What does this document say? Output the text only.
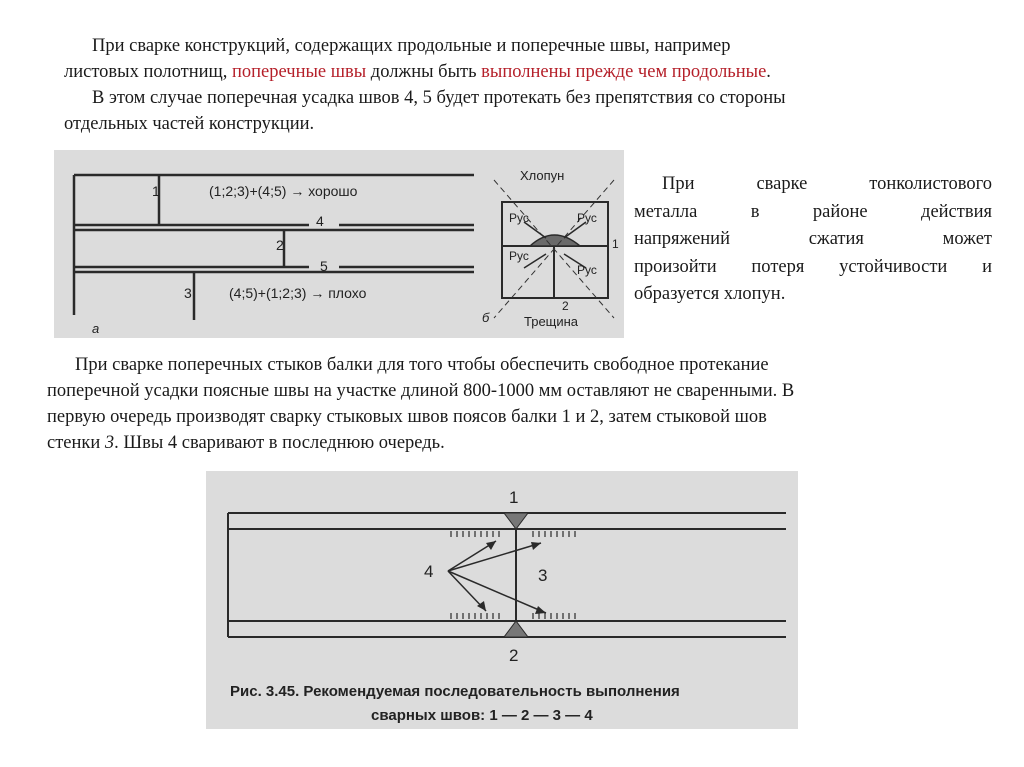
При сварке конструкций, содержащих продольные и поперечные швы, например
листовых полотнищ, поперечные швы должны быть выполнены прежде чем продольные.
В этом случае поперечная усадка швов 4, 5 будет протекать без препятствия со стороны
отдельных частей конструкции.
(1;2;3)+(4;5) → хорошо
1
4
2
5
3	(4;5)+(1;2;3) → плохо
а
Хлопун
Pус	Pус
Pус
Pус
1
2
Трещина
б
При	сварке	тонколистового
металла	в	районе	действия
напряжений	сжатия	может
произойти потеря устойчивости и
образуется хлопун.
При сварке поперечных стыков балки для того чтобы обеспечить свободное протекание
поперечной усадки поясные швы на участке длиной 800-1000 мм оставляют не сваренными. В
первую очередь производят сварку стыковых швов поясов балки 1 и 2, затем стыковой шов
стенки 3. Швы 4 сваривают в последнюю очередь.
1
2
3
4
Рис. 3.45. Рекомендуемая последовательность выполнения
сварных швов: 1 — 2 — 3 — 4
